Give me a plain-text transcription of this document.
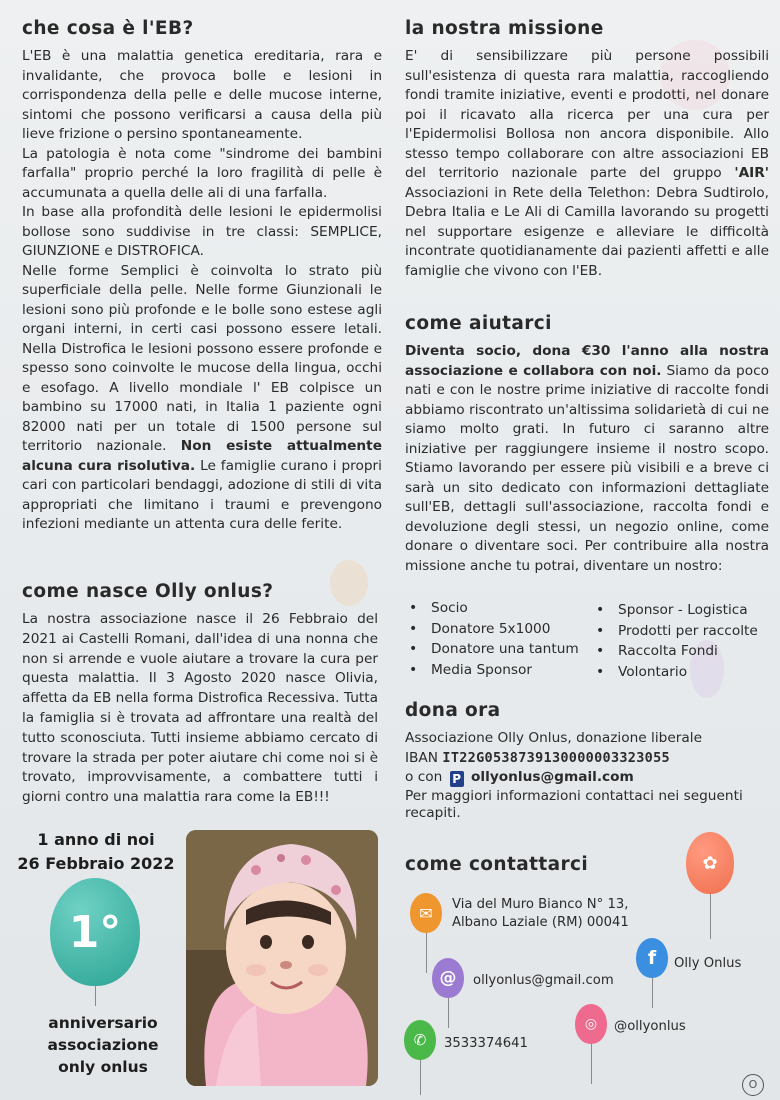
che cosa è l'EB?

L'EB è una malattia genetica ereditaria, rara e invalidante, che provoca bolle e lesioni in corrispondenza della pelle e delle mucose interne, sintomi che possono verificarsi a causa della più lieve frizione o persino spontaneamente.

La patologia è nota come "sindrome dei bambini farfalla" proprio perché la loro fragilità di pelle è accumunata a quella delle ali di una farfalla.

In base alla profondità delle lesioni le epidermolisi bollose sono suddivise in tre classi: SEMPLICE, GIUNZIONE e DISTROFICA.

Nelle forme Semplici è coinvolta lo strato più superficiale della pelle. Nelle forme Giunzionali le lesioni sono più profonde e le bolle sono estese agli organi interni, in certi casi possono essere letali. Nella Distrofica le lesioni possono essere profonde e spesso sono coinvolte le mucose della lingua, occhi e esofago. A livello mondiale l' EB colpisce un bambino su 17000 nati, in Italia 1 paziente ogni 82000 nati per un totale di 1500 persone sul territorio nazionale. Non esiste attualmente alcuna cura risolutiva. Le famiglie curano i propri cari con particolari bendaggi, adozione di stili di vita appropriati che limitano i traumi e prevengono infezioni mediante un attenta cura delle ferite.

come nasce Olly onlus?

La nostra associazione nasce il 26 Febbraio del 2021 ai Castelli Romani, dall'idea di una nonna che non si arrende e vuole aiutare a trovare la cura per questa malattia. Il 3 Agosto 2020 nasce Olivia, affetta da EB nella forma Distrofica Recessiva. Tutta la famiglia si è trovata ad affrontare una realtà del tutto sconosciuta. Tutti insieme abbiamo cercato di trovare la strada per poter aiutare chi come noi si è trovato, improvvisamente, a combattere tutti i giorni contro una malattia rara come la EB!!!

1 anno di noi
26 Febbraio 2022
1°
anniversario
associazione
only onlus
la nostra missione

E' di sensibilizzare più persone possibili sull'esistenza di questa rara malattia, raccogliendo fondi tramite iniziative, eventi e prodotti, nel donare poi il ricavato alla ricerca per una cura per l'Epidermolisi Bollosa non ancora disponibile. Allo stesso tempo collaborare con altre associazioni EB del territorio nazionale parte del gruppo 'AIR' Associazioni in Rete della Telethon: Debra Sudtirolo, Debra Italia e Le Ali di Camilla lavorando su progetti nel supportare esigenze e alleviare le difficoltà incontrate quotidianamente dai pazienti affetti e alle famiglie che vivono con l'EB.

come aiutarci

Diventa socio, dona €30 l'anno alla nostra associazione e collabora con noi. Siamo da poco nati e con le nostre prime iniziative di raccolte fondi abbiamo riscontrato un'altissima solidarietà di cui ne siamo molto grati. In futuro ci saranno altre iniziative per raggiungere insieme il nostro scopo. Stiamo lavorando per essere più visibili e a breve ci sarà un sito dedicato con informazioni dettagliate sull'EB, dettagli sull'associazione, raccolta fondi e devoluzione degli stessi, un negozio online, come donare o diventare soci. Per contribuire alla nostra missione anche tu potrai, diventare un nostro:

• Socio
• Donatore 5x1000
• Donatore una tantum
• Media Sponsor
• Sponsor - Logistica
• Prodotti per raccolte
• Raccolta Fondi
• Volontario
dona ora
Associazione Olly Onlus, donazione liberale
IBAN IT22G0538739130000003323055
o con P ollyonlus@gmail.com
Per maggiori informazioni contattaci nei seguenti recapiti.
come contattarci
✉	Via del Muro Bianco N° 13,
Albano Laziale (RM) 00041
@	ollyonlus@gmail.com
f	Olly Onlus
◎	@ollyonlus
✆	3533374641
✿
O
